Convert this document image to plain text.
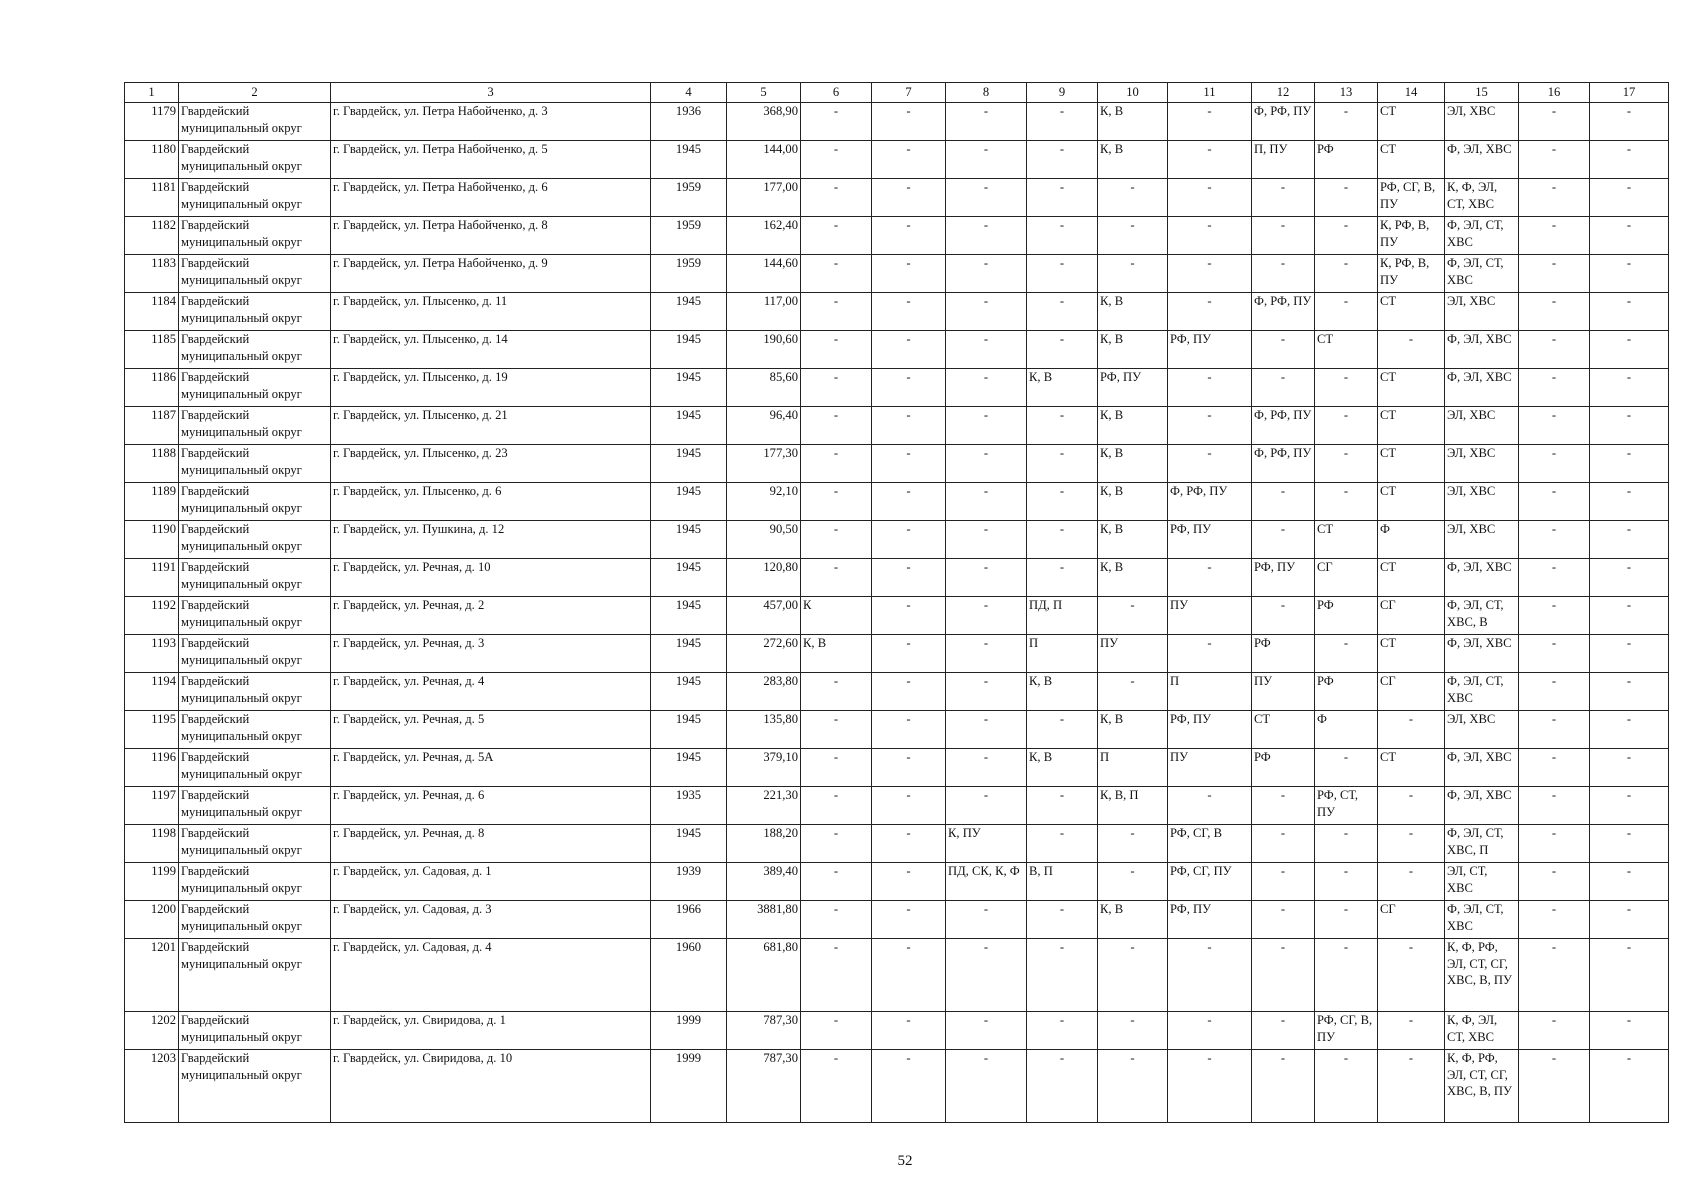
1	2	3	4	5	6	7	8	9	10	11	12	13	14	15	16	17
1179	Гвардейский муниципальный округ	г. Гвардейск, ул. Петра Набойченко, д. 3	1936	368,90	-	-	-	-	К, В	-	Ф, РФ, ПУ	-	СТ	ЭЛ, ХВС	-	-
1180	Гвардейский муниципальный округ	г. Гвардейск, ул. Петра Набойченко, д. 5	1945	144,00	-	-	-	-	К, В	-	П, ПУ	РФ	СТ	Ф, ЭЛ, ХВС	-	-
1181	Гвардейский муниципальный округ	г. Гвардейск, ул. Петра Набойченко, д. 6	1959	177,00	-	-	-	-	-	-	-	-	РФ, СГ, В, ПУ	К, Ф, ЭЛ, СТ, ХВС	-	-
1182	Гвардейский муниципальный округ	г. Гвардейск, ул. Петра Набойченко, д. 8	1959	162,40	-	-	-	-	-	-	-	-	К, РФ, В, ПУ	Ф, ЭЛ, СТ, ХВС	-	-
1183	Гвардейский муниципальный округ	г. Гвардейск, ул. Петра Набойченко, д. 9	1959	144,60	-	-	-	-	-	-	-	-	К, РФ, В, ПУ	Ф, ЭЛ, СТ, ХВС	-	-
1184	Гвардейский муниципальный округ	г. Гвардейск, ул. Плысенко, д. 11	1945	117,00	-	-	-	-	К, В	-	Ф, РФ, ПУ	-	СТ	ЭЛ, ХВС	-	-
1185	Гвардейский муниципальный округ	г. Гвардейск, ул. Плысенко, д. 14	1945	190,60	-	-	-	-	К, В	РФ, ПУ	-	СТ	-	Ф, ЭЛ, ХВС	-	-
1186	Гвардейский муниципальный округ	г. Гвардейск, ул. Плысенко, д. 19	1945	85,60	-	-	-	К, В	РФ, ПУ	-	-	-	СТ	Ф, ЭЛ, ХВС	-	-
1187	Гвардейский муниципальный округ	г. Гвардейск, ул. Плысенко, д. 21	1945	96,40	-	-	-	-	К, В	-	Ф, РФ, ПУ	-	СТ	ЭЛ, ХВС	-	-
1188	Гвардейский муниципальный округ	г. Гвардейск, ул. Плысенко, д. 23	1945	177,30	-	-	-	-	К, В	-	Ф, РФ, ПУ	-	СТ	ЭЛ, ХВС	-	-
1189	Гвардейский муниципальный округ	г. Гвардейск, ул. Плысенко, д. 6	1945	92,10	-	-	-	-	К, В	Ф, РФ, ПУ	-	-	СТ	ЭЛ, ХВС	-	-
1190	Гвардейский муниципальный округ	г. Гвардейск, ул. Пушкина, д. 12	1945	90,50	-	-	-	-	К, В	РФ, ПУ	-	СТ	Ф	ЭЛ, ХВС	-	-
1191	Гвардейский муниципальный округ	г. Гвардейск, ул. Речная, д. 10	1945	120,80	-	-	-	-	К, В	-	РФ, ПУ	СГ	СТ	Ф, ЭЛ, ХВС	-	-
1192	Гвардейский муниципальный округ	г. Гвардейск, ул. Речная, д. 2	1945	457,00	К	-	-	ПД, П	-	ПУ	-	РФ	СГ	Ф, ЭЛ, СТ, ХВС, В	-	-
1193	Гвардейский муниципальный округ	г. Гвардейск, ул. Речная, д. 3	1945	272,60	К, В	-	-	П	ПУ	-	РФ	-	СТ	Ф, ЭЛ, ХВС	-	-
1194	Гвардейский муниципальный округ	г. Гвардейск, ул. Речная, д. 4	1945	283,80	-	-	-	К, В	-	П	ПУ	РФ	СГ	Ф, ЭЛ, СТ, ХВС	-	-
1195	Гвардейский муниципальный округ	г. Гвардейск, ул. Речная, д. 5	1945	135,80	-	-	-	-	К, В	РФ, ПУ	СТ	Ф	-	ЭЛ, ХВС	-	-
1196	Гвардейский муниципальный округ	г. Гвардейск, ул. Речная, д. 5А	1945	379,10	-	-	-	К, В	П	ПУ	РФ	-	СТ	Ф, ЭЛ, ХВС	-	-
1197	Гвардейский муниципальный округ	г. Гвардейск, ул. Речная, д. 6	1935	221,30	-	-	-	-	К, В, П	-	-	РФ, СТ, ПУ	-	Ф, ЭЛ, ХВС	-	-
1198	Гвардейский муниципальный округ	г. Гвардейск, ул. Речная, д. 8	1945	188,20	-	-	К, ПУ	-	-	РФ, СГ, В	-	-	-	Ф, ЭЛ, СТ, ХВС, П	-	-
1199	Гвардейский муниципальный округ	г. Гвардейск, ул. Садовая, д. 1	1939	389,40	-	-	ПД, СК, К, Ф	В, П	-	РФ, СГ, ПУ	-	-	-	ЭЛ, СТ, ХВС	-	-
1200	Гвардейский муниципальный округ	г. Гвардейск, ул. Садовая, д. 3	1966	3881,80	-	-	-	-	К, В	РФ, ПУ	-	-	СГ	Ф, ЭЛ, СТ, ХВС	-	-
1201	Гвардейский муниципальный округ	г. Гвардейск, ул. Садовая, д. 4	1960	681,80	-	-	-	-	-	-	-	-	-	К, Ф, РФ, ЭЛ, СТ, СГ, ХВС, В, ПУ	-	-
1202	Гвардейский муниципальный округ	г. Гвардейск, ул. Свиридова, д. 1	1999	787,30	-	-	-	-	-	-	-	РФ, СГ, В, ПУ	-	К, Ф, ЭЛ, СТ, ХВС	-	-
1203	Гвардейский муниципальный округ	г. Гвардейск, ул. Свиридова, д. 10	1999	787,30	-	-	-	-	-	-	-	-	-	К, Ф, РФ, ЭЛ, СТ, СГ, ХВС, В, ПУ	-	-
52
